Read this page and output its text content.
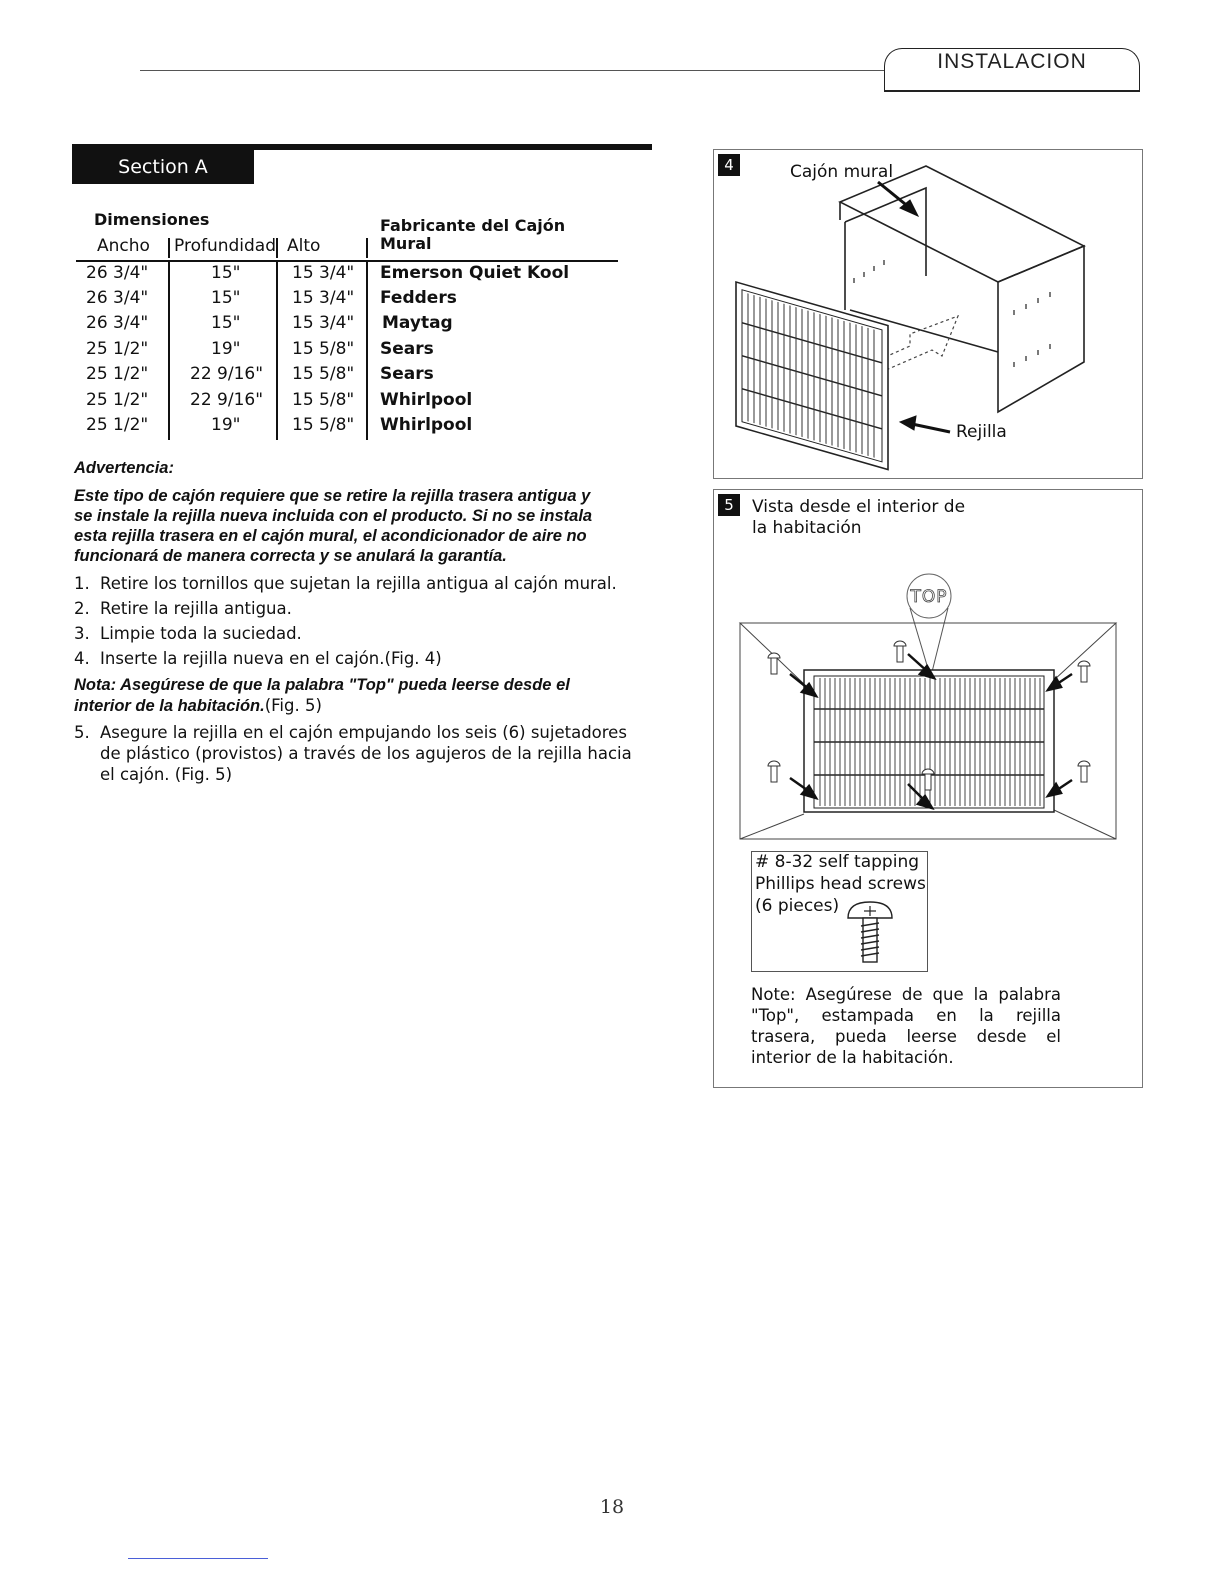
INSTALACION
Section A
Dimensiones	Fabricante del Cajón
Mural
Ancho Profundidad Alto
26 3/4"	15"	15 3/4" Emerson Quiet Kool
26 3/4"	15"	15 3/4" Fedders
26 3/4"	15"	15 3/4" Maytag
25 1/2"	19"	15 5/8" Sears
25 1/2" 22 9/16" 15 5/8" Sears
25 1/2" 22 9/16" 15 5/8" Whirlpool
25 1/2"	19"	15 5/8" Whirlpool
Advertencia:
Este tipo de cajón requiere que se retire la rejilla trasera antigua y
se instale la rejilla nueva incluida con el producto. Si no se instala
esta rejilla trasera en el cajón mural, el acondicionador de aire no
funcionará de manera correcta y se anulará la garantía.
1. Retire los tornillos que sujetan la rejilla antigua al cajón mural.
2. Retire la rejilla antigua.
3. Limpie toda la suciedad.
4. Inserte la rejilla nueva en el cajón.(Fig. 4)
Nota: Asegúrese de que la palabra "Top" pueda leerse desde el
interior de la habitación.(Fig. 5)
5. Asegure la rejilla en el cajón empujando los seis (6) sujetadores
de plástico (provistos) a través de los agujeros de la rejilla hacia
el cajón. (Fig. 5)
4	Cajón mural
Rejilla
5	Vista desde el interior de
la habitación
TOP
# 8-32 self tapping
Phillips head screws
(6 pieces)
Note: Asegúrese de que la palabra "Top", estampada en la rejilla trasera, pueda leerse desde el interior de la habitación.
18
